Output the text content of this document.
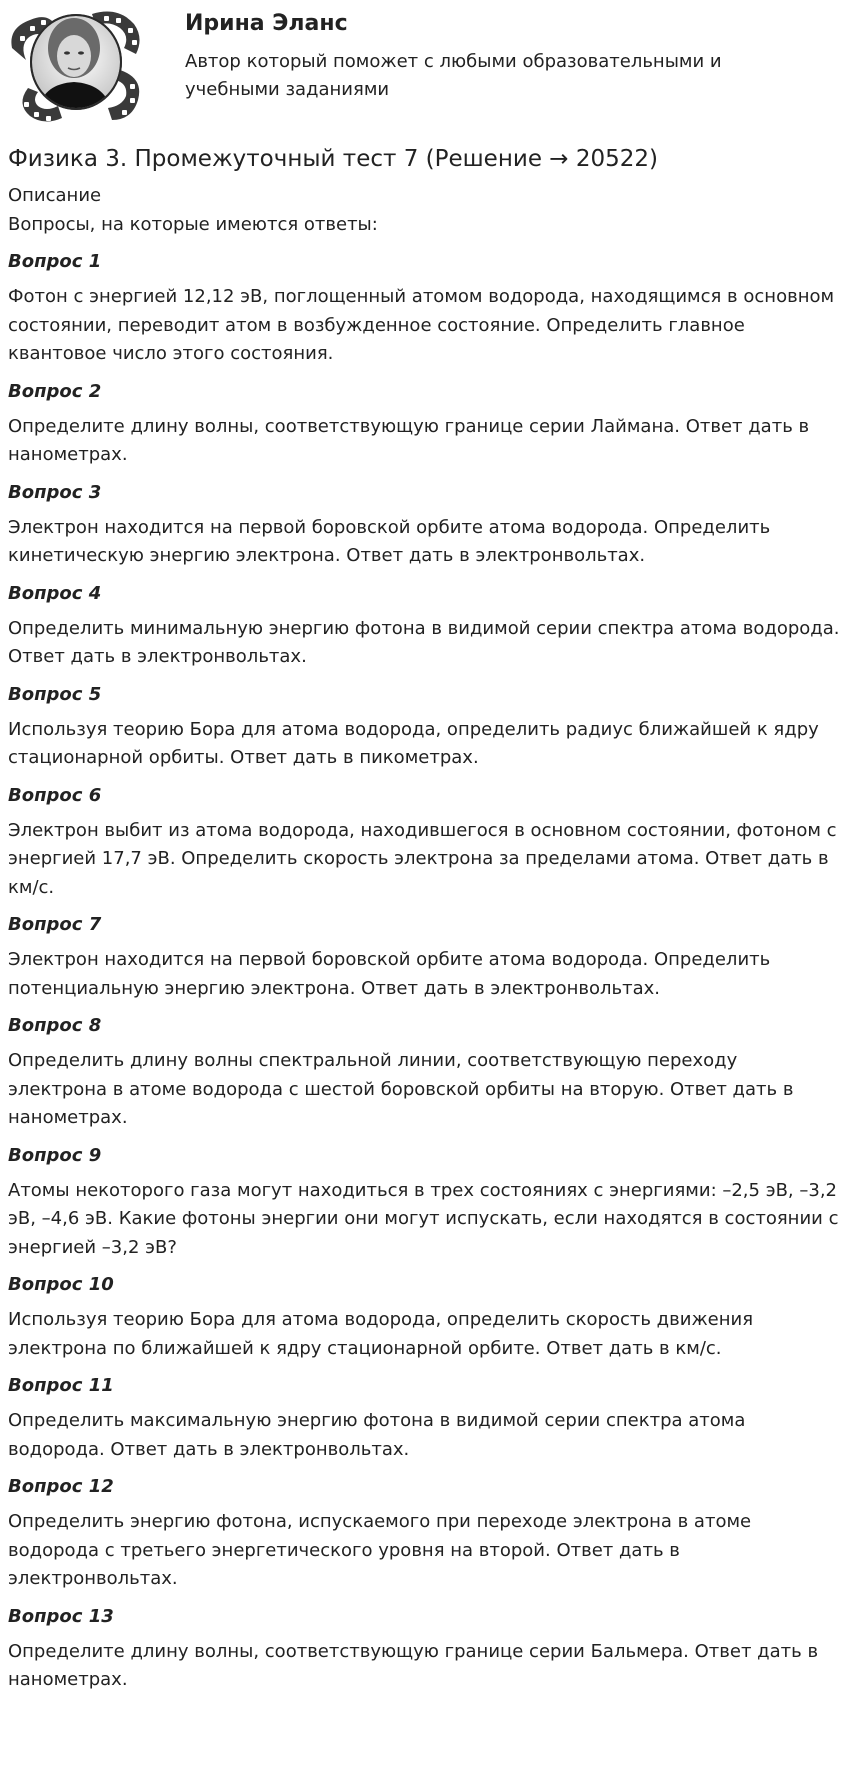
Ирина Эланс

Автор который поможет с любыми образовательными и учебными заданиями

Физика 3. Промежуточный тест 7 (Решение → 20522)

Описание

Вопросы, на которые имеются ответы:

Вопрос 1

Фотон с энергией 12,12 эВ, поглощенный атомом водорода, находящимся в основном состоянии, переводит атом в возбужденное состояние. Определить главное квантовое число этого состояния.

Вопрос 2

Определите длину волны, соответствующую границе серии Лаймана. Ответ дать в нанометрах.

Вопрос 3

Электрон находится на первой боровской орбите атома водорода. Определить кинетическую энергию электрона. Ответ дать в электронвольтах.

Вопрос 4

Определить минимальную энергию фотона в видимой серии спектра атома водорода. Ответ дать в электронвольтах.

Вопрос 5

Используя теорию Бора для атома водорода, определить радиус ближайшей к ядру стационарной орбиты. Ответ дать в пикометрах.

Вопрос 6

Электрон выбит из атома водорода, находившегося в основном состоянии, фотоном с энергией 17,7 эВ. Определить скорость электрона за пределами атома. Ответ дать в км/с.

Вопрос 7

Электрон находится на первой боровской орбите атома водорода. Определить потенциальную энергию электрона. Ответ дать в электронвольтах.

Вопрос 8

Определить длину волны спектральной линии, соответствующую переходу электрона в атоме водорода с шестой боровской орбиты на вторую. Ответ дать в нанометрах.

Вопрос 9

Атомы некоторого газа могут находиться в трех состояниях с энергиями: –2,5 эВ, –3,2 эВ, –4,6 эВ. Какие фотоны энергии они могут испускать, если находятся в состоянии с энергией –3,2 эВ?

Вопрос 10

Используя теорию Бора для атома водорода, определить скорость движения электрона по ближайшей к ядру стационарной орбите. Ответ дать в км/с.

Вопрос 11

Определить максимальную энергию фотона в видимой серии спектра атома водорода. Ответ дать в электронвольтах.

Вопрос 12

Определить энергию фотона, испускаемого при переходе электрона в атоме водорода с третьего энергетического уровня на второй. Ответ дать в электронвольтах.

Вопрос 13

Определите длину волны, соответствующую границе серии Бальмера. Ответ дать в нанометрах.
